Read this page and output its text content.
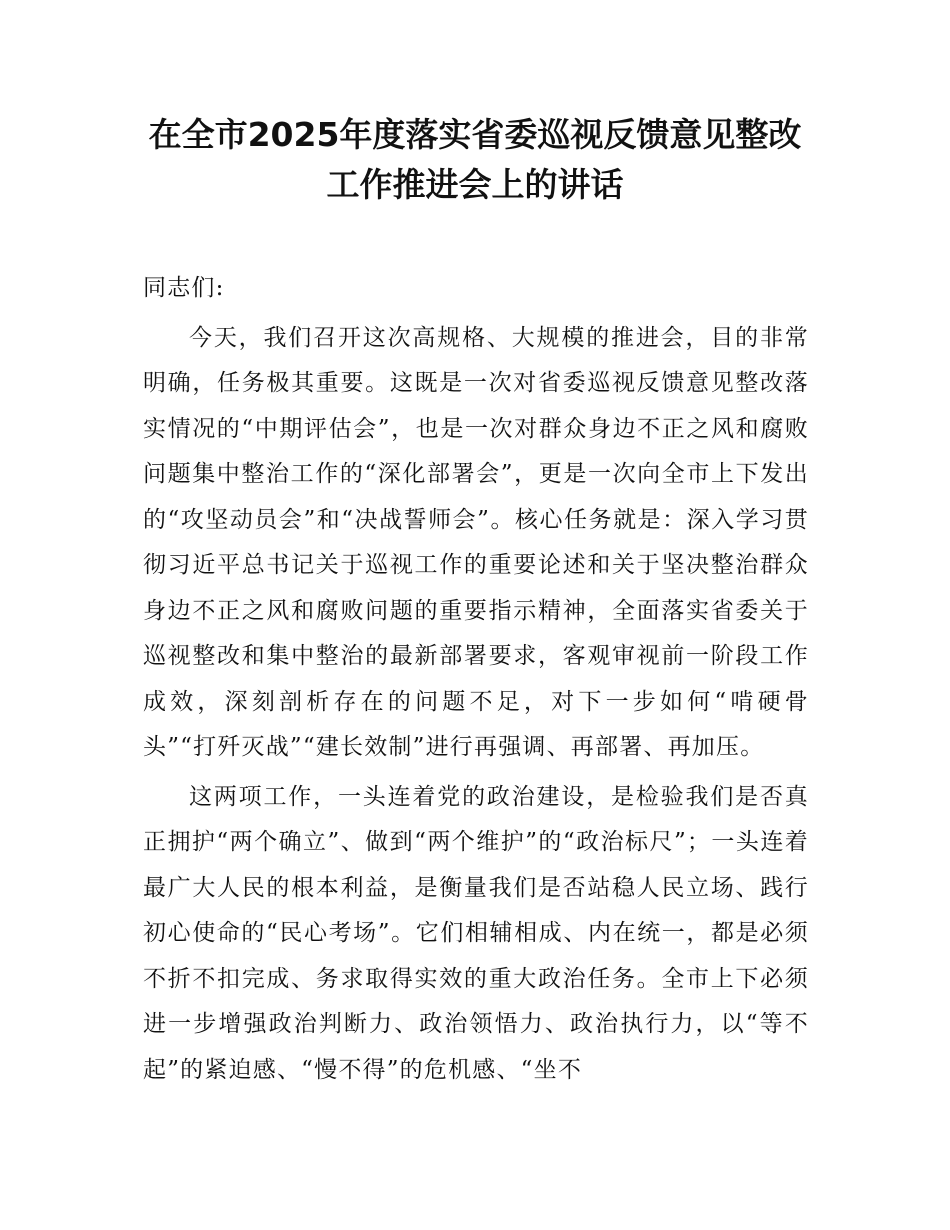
在全市2025年度落实省委巡视反馈意见整改
工作推进会上的讲话

同志们:

今天，我们召开这次高规格、大规模的推进会，目的非常明确，任务极其重要。这既是一次对省委巡视反馈意见整改落实情况的“中期评估会”，也是一次对群众身边不正之风和腐败问题集中整治工作的“深化部署会”，更是一次向全市上下发出的“攻坚动员会”和“决战誓师会”。核心任务就是：深入学习贯彻习近平总书记关于巡视工作的重要论述和关于坚决整治群众身边不正之风和腐败问题的重要指示精神，全面落实省委关于巡视整改和集中整治的最新部署要求，客观审视前一阶段工作成效，深刻剖析存在的问题不足，对下一步如何“啃硬骨头”“打歼灭战”“建长效制”进行再强调、再部署、再加压。

这两项工作，一头连着党的政治建设，是检验我们是否真正拥护“两个确立”、做到“两个维护”的“政治标尺”；一头连着最广大人民的根本利益，是衡量我们是否站稳人民立场、践行初心使命的“民心考场”。它们相辅相成、内在统一，都是必须不折不扣完成、务求取得实效的重大政治任务。全市上下必须进一步增强政治判断力、政治领悟力、政治执行力，以“等不起”的紧迫感、“慢不得”的危机感、“坐不
